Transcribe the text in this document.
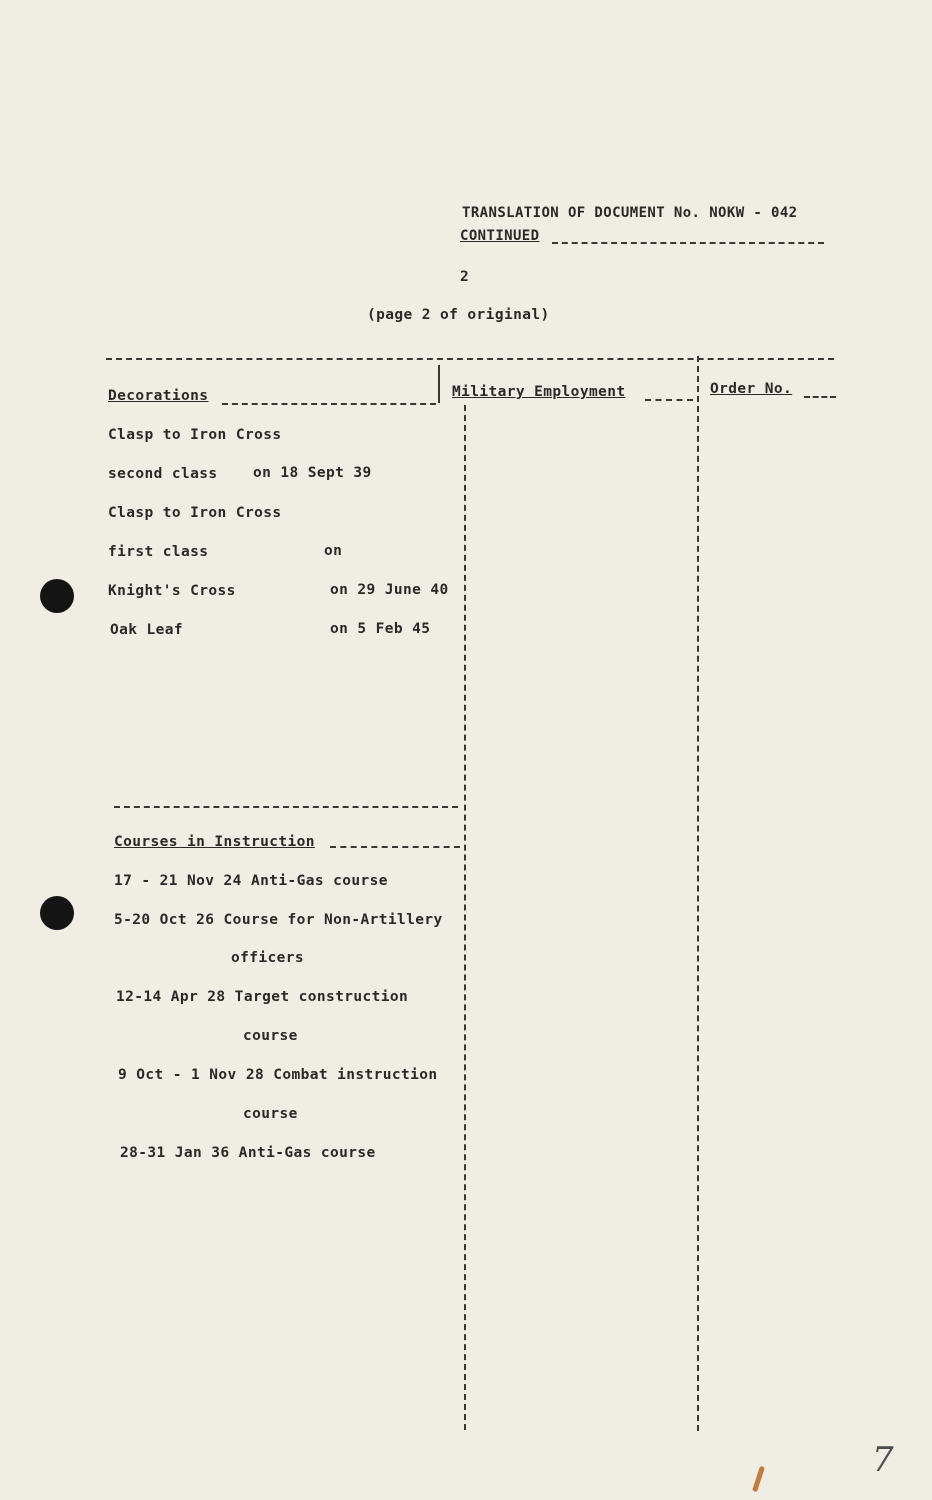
TRANSLATION OF DOCUMENT No. NOKW - 042
CONTINUED
2
(page 2 of original)
Decorations	Military Employment	Order No.
Clasp to Iron Cross
second class on 18 Sept 39
Clasp to Iron Cross
first class	on
Knight's Cross	on 29 June 40
Oak Leaf	on 5 Feb 45
Courses in Instruction
17 - 21 Nov 24 Anti-Gas course
5-20 Oct 26 Course for Non-Artillery
officers
12-14 Apr 28 Target construction
course
9 Oct - 1 Nov 28 Combat instruction
course
28-31 Jan 36 Anti-Gas course
7
